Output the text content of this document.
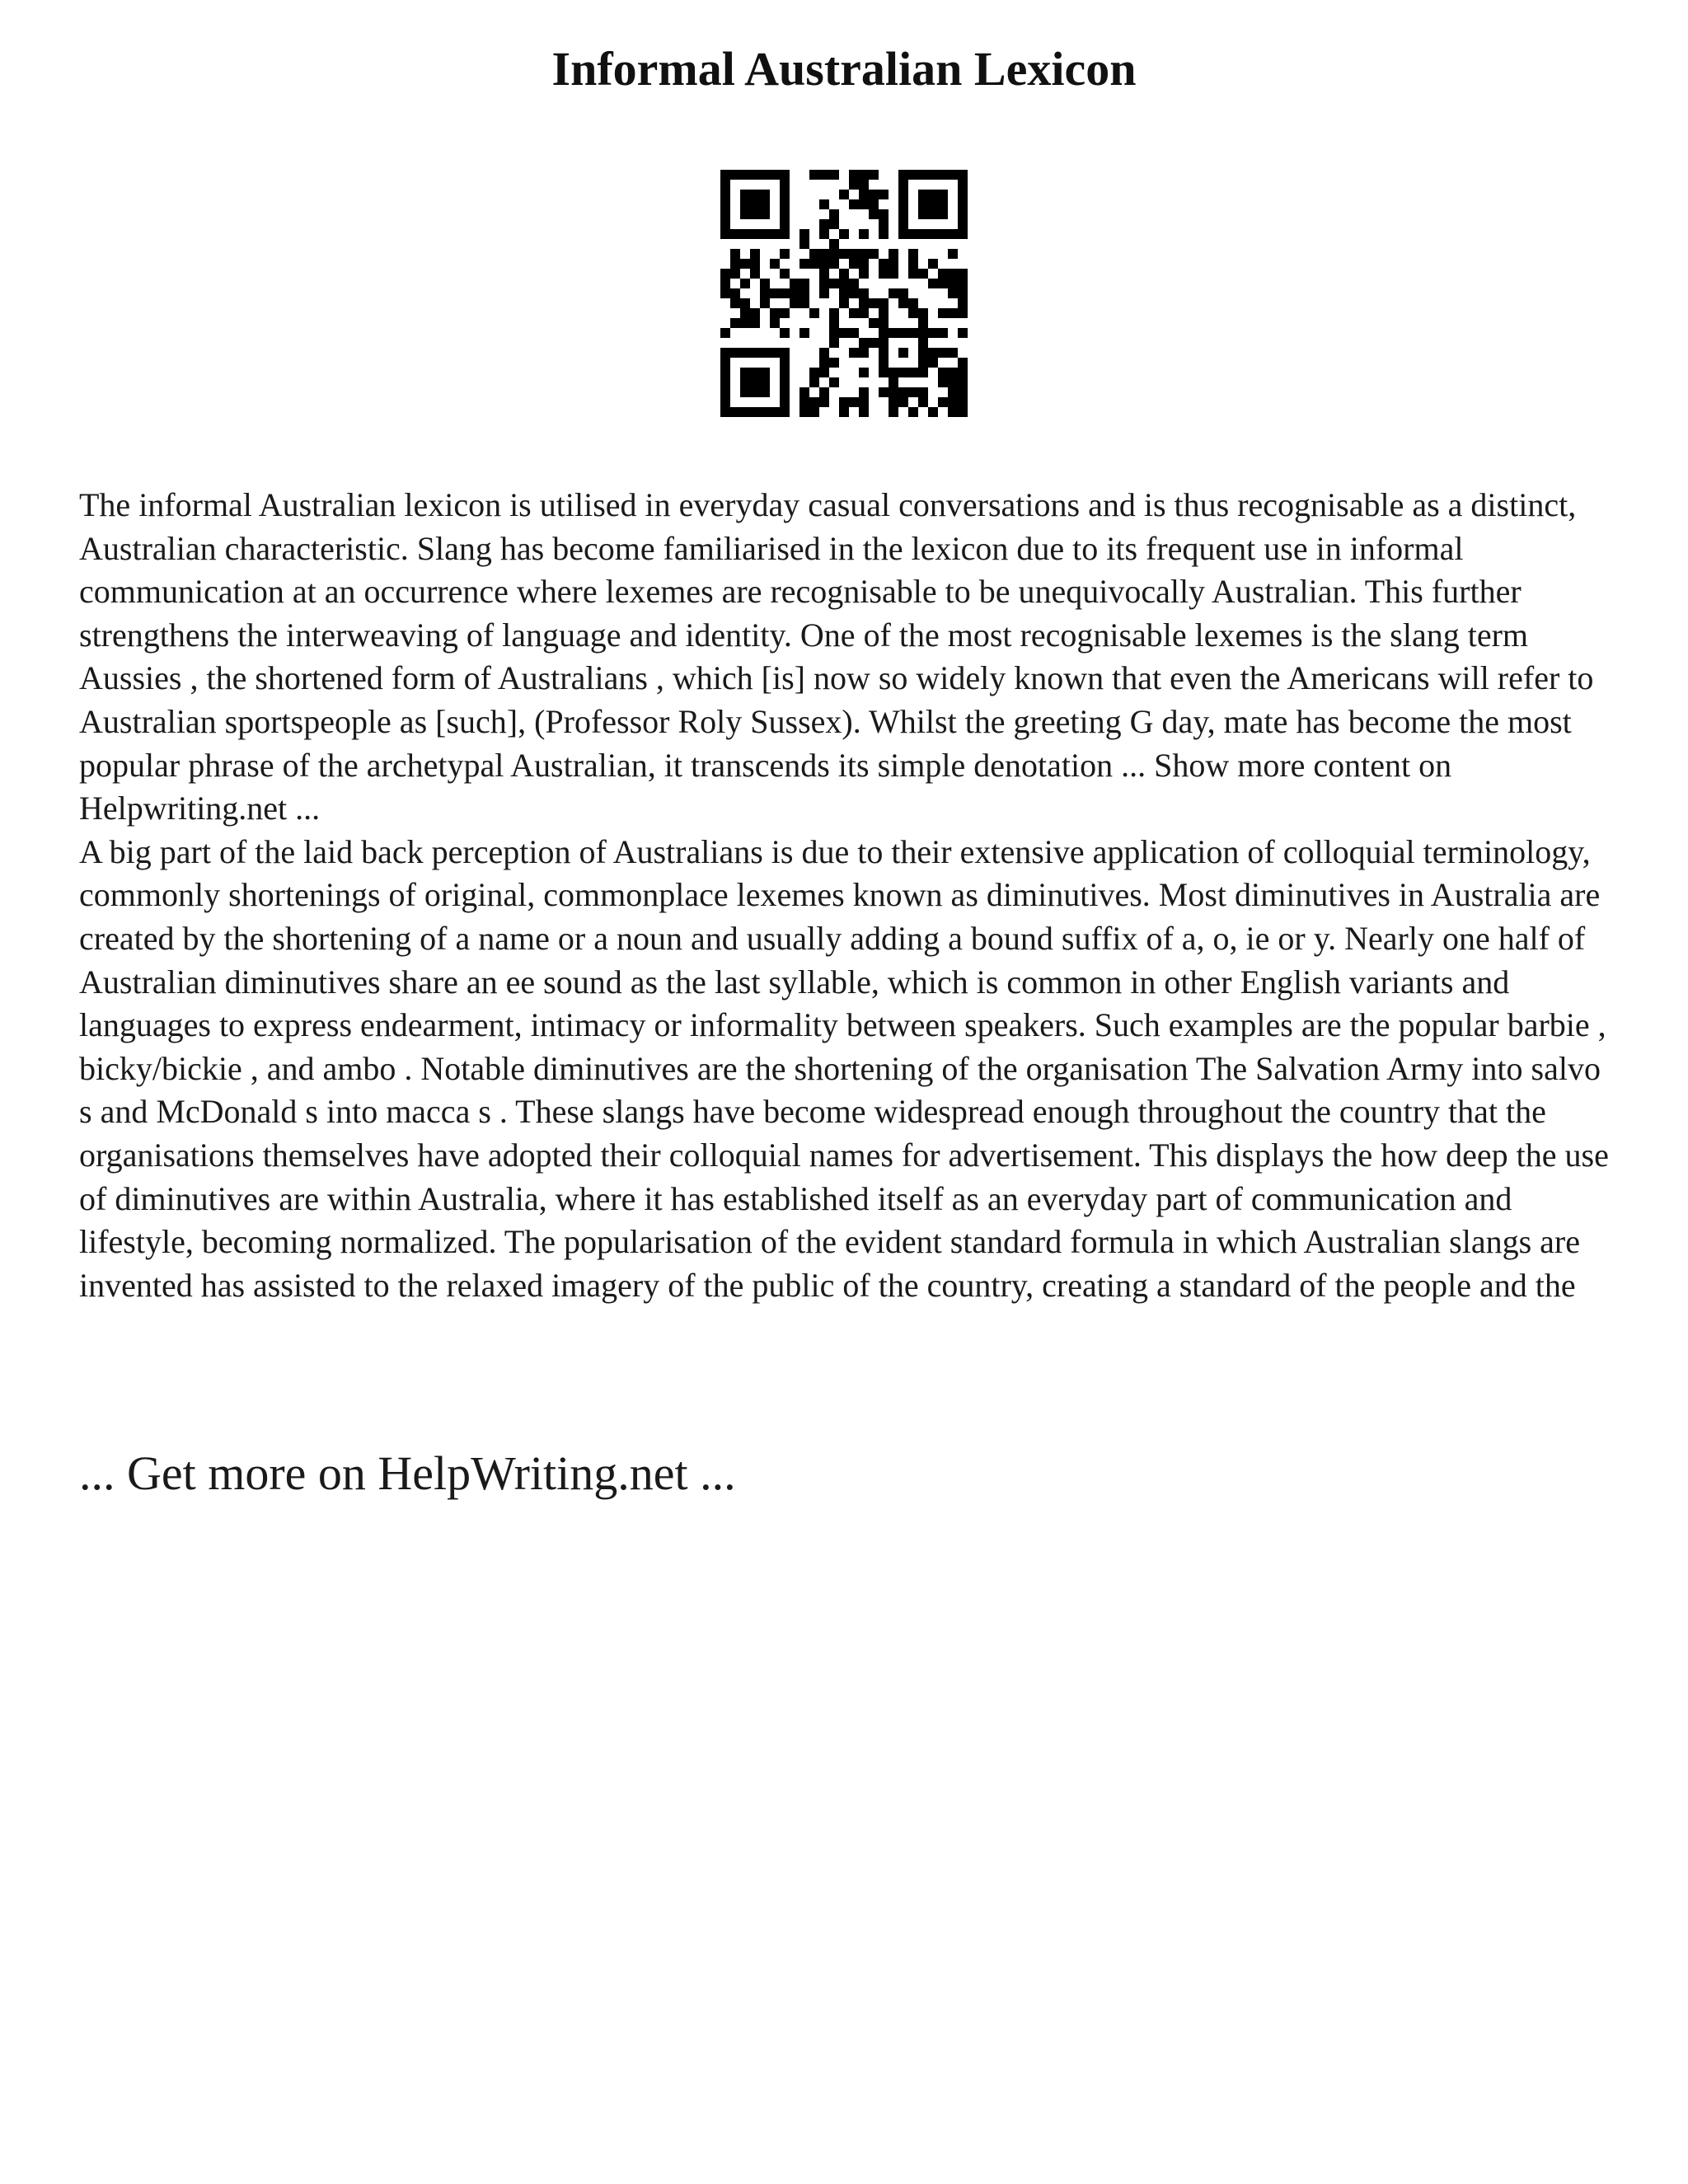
Informal Australian Lexicon

The informal Australian lexicon is utilised in everyday casual conversations and is thus recognisable as a distinct, Australian characteristic. Slang has become familiarised in the lexicon due to its frequent use in informal communication at an occurrence where lexemes are recognisable to be unequivocally Australian. This further strengthens the interweaving of language and identity. One of the most recognisable lexemes is the slang term Aussies , the shortened form of Australians , which [is] now so widely known that even the Americans will refer to Australian sportspeople as [such], (Professor Roly Sussex). Whilst the greeting G day, mate has become the most popular phrase of the archetypal Australian, it transcends its simple denotation ... Show more content on Helpwriting.net ...

A big part of the laid back perception of Australians is due to their extensive application of colloquial terminology, commonly shortenings of original, commonplace lexemes known as diminutives. Most diminutives in Australia are created by the shortening of a name or a noun and usually adding a bound suffix of a, o, ie or y. Nearly one half of Australian diminutives share an ee sound as the last syllable, which is common in other English variants and languages to express endearment, intimacy or informality between speakers. Such examples are the popular barbie , bicky/bickie , and ambo . Notable diminutives are the shortening of the organisation The Salvation Army into salvo s and McDonald s into macca s . These slangs have become widespread enough throughout the country that the organisations themselves have adopted their colloquial names for advertisement. This displays the how deep the use of diminutives are within Australia, where it has established itself as an everyday part of communication and lifestyle, becoming normalized. The popularisation of the evident standard formula in which Australian slangs are invented has assisted to the relaxed imagery of the public of the country, creating a standard of the people and the

... Get more on HelpWriting.net ...
